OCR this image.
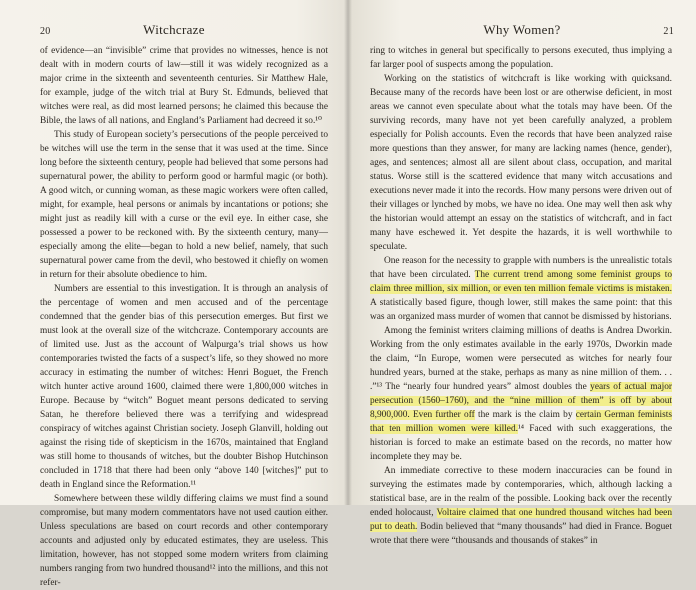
20	Witchcraze

of evidence—an “invisible” crime that provides no witnesses, hence is not dealt with in modern courts of law—still it was widely recognized as a major crime in the sixteenth and seventeenth centuries. Sir Matthew Hale, for example, judge of the witch trial at Bury St. Edmunds, believed that witches were real, as did most learned persons; he claimed this because the Bible, the laws of all nations, and England’s Parliament had decreed it so.¹⁰

This study of European society’s persecutions of the people perceived to be witches will use the term in the sense that it was used at the time. Since long before the sixteenth century, people had believed that some persons had supernatural power, the ability to perform good or harmful magic (or both). A good witch, or cunning woman, as these magic workers were often called, might, for example, heal persons or animals by incantations or potions; she might just as readily kill with a curse or the evil eye. In either case, she possessed a power to be reckoned with. By the sixteenth century, many—especially among the elite—began to hold a new belief, namely, that such supernatural power came from the devil, who bestowed it chiefly on women in return for their absolute obedience to him.

Numbers are essential to this investigation. It is through an analysis of the percentage of women and men accused and of the percentage condemned that the gender bias of this persecution emerges. But first we must look at the overall size of the witchcraze. Contemporary accounts are of limited use. Just as the account of Walpurga’s trial shows us how contemporaries twisted the facts of a suspect’s life, so they showed no more accuracy in estimating the number of witches: Henri Boguet, the French witch hunter active around 1600, claimed there were 1,800,000 witches in Europe. Because by “witch” Boguet meant persons dedicated to serving Satan, he therefore believed there was a terrifying and widespread conspiracy of witches against Christian society. Joseph Glanvill, holding out against the rising tide of skepticism in the 1670s, maintained that England was still home to thousands of witches, but the doubter Bishop Hutchinson concluded in 1718 that there had been only “above 140 [witches]” put to death in England since the Reformation.¹¹

Somewhere between these wildly differing claims we must find a sound compromise, but many modern commentators have not used caution either. Unless speculations are based on court records and other contemporary accounts and adjusted only by educated estimates, they are useless. This limitation, however, has not stopped some modern writers from claiming numbers ranging from two hundred thousand¹² into the millions, and this not refer-

Why Women?	21

ring to witches in general but specifically to persons executed, thus implying a far larger pool of suspects among the population.

Working on the statistics of witchcraft is like working with quicksand. Because many of the records have been lost or are otherwise deficient, in most areas we cannot even speculate about what the totals may have been. Of the surviving records, many have not yet been carefully analyzed, a problem especially for Polish accounts. Even the records that have been analyzed raise more questions than they answer, for many are lacking names (hence, gender), ages, and sentences; almost all are silent about class, occupation, and marital status. Worse still is the scattered evidence that many witch accusations and executions never made it into the records. How many persons were driven out of their villages or lynched by mobs, we have no idea. One may well then ask why the historian would attempt an essay on the statistics of witchcraft, and in fact many have eschewed it. Yet despite the hazards, it is well worthwhile to speculate.

One reason for the necessity to grapple with numbers is the unrealistic totals that have been circulated. The current trend among some feminist groups to claim three million, six million, or even ten million female victims is mistaken. A statistically based figure, though lower, still makes the same point: that this was an organized mass murder of women that cannot be dismissed by historians.

Among the feminist writers claiming millions of deaths is Andrea Dworkin. Working from the only estimates available in the early 1970s, Dworkin made the claim, “In Europe, women were persecuted as witches for nearly four hundred years, burned at the stake, perhaps as many as nine million of them. . . .”¹³ The “nearly four hundred years” almost doubles the years of actual major persecution (1560–1760), and the “nine million of them” is off by about 8,900,000. Even further off the mark is the claim by certain German feminists that ten million women were killed.¹⁴ Faced with such exaggerations, the historian is forced to make an estimate based on the records, no matter how incomplete they may be.

An immediate corrective to these modern inaccuracies can be found in surveying the estimates made by contemporaries, which, although lacking a statistical base, are in the realm of the possible. Looking back over the recently ended holocaust, Voltaire claimed that one hundred thousand witches had been put to death. Bodin believed that “many thousands” had died in France. Boguet wrote that there were “thousands and thousands of stakes” in
